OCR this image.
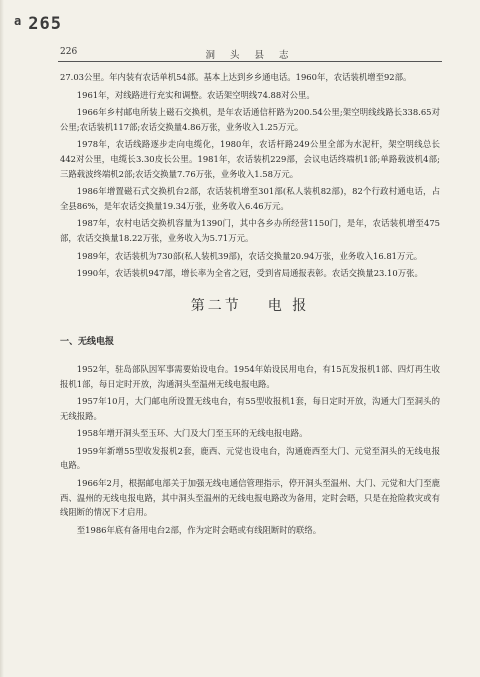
$^a$ 265
226	洞 头 县 志

27.03公里。年内装有农话单机54部。基本上达到乡乡通电话。1960年，农话装机增至92部。

1961年，对线路进行充实和调整。农话架空明线74.88对公里。

1966年乡村邮电所装上磁石交换机，是年农话通信杆路为200.54公里;架空明线线路长338.65对公里;农话装机117部;农话交换量4.86万张，业务收入1.25万元。

1978年，农话线路逐步走向电缆化，1980年，农话杆路249公里全部为水泥杆，架空明线总长442对公里，电缆长3.30皮长公里。1981年，农话装机229部，会议电话终端机1部;单路载波机4部;三路载波终端机2部;农话交换量7.76万张，业务收入1.58万元。

1986年增置磁石式交换机台2部，农话装机增至301部(私人装机82部)，82个行政村通电话，占全县86%，是年农话交换量19.34万张，业务收入6.46万元。

1987年，农村电话交换机容量为1390门，其中各乡办所经营1150门，是年，农话装机增至475部，农话交换量18.22万张，业务收入为5.71万元。

1989年，农话装机为730部(私人装机39部)，农话交换量20.94万张，业务收入16.81万元。

1990年，农话装机947部，增长率为全省之冠，受到省局通报表彰。农话交换量23.10万张。

第二节 电 报
一、无线电报

1952年，驻岛部队因军事需要始设电台。1954年始设民用电台，有15瓦发报机1部、四灯再生收报机1部，每日定时开放，沟通洞头至温州无线电报电路。

1957年10月，大门邮电所设置无线电台，有55型收报机1套，每日定时开放，沟通大门至洞头的无线报路。

1958年增开洞头至玉环、大门及大门至玉环的无线电报电路。

1959年新增55型收发报机2套，鹿西、元觉也设电台，沟通鹿西至大门、元觉至洞头的无线电报电路。

1966年2月，根据邮电部关于加强无线电通信管理指示，停开洞头至温州、大门、元觉和大门至鹿西、温州的无线电报电路，其中洞头至温州的无线电报电路改为备用，定时会晤，只是在抢险救灾或有线阻断的情况下才启用。

至1986年底有备用电台2部，作为定时会晤或有线阻断时的联络。
